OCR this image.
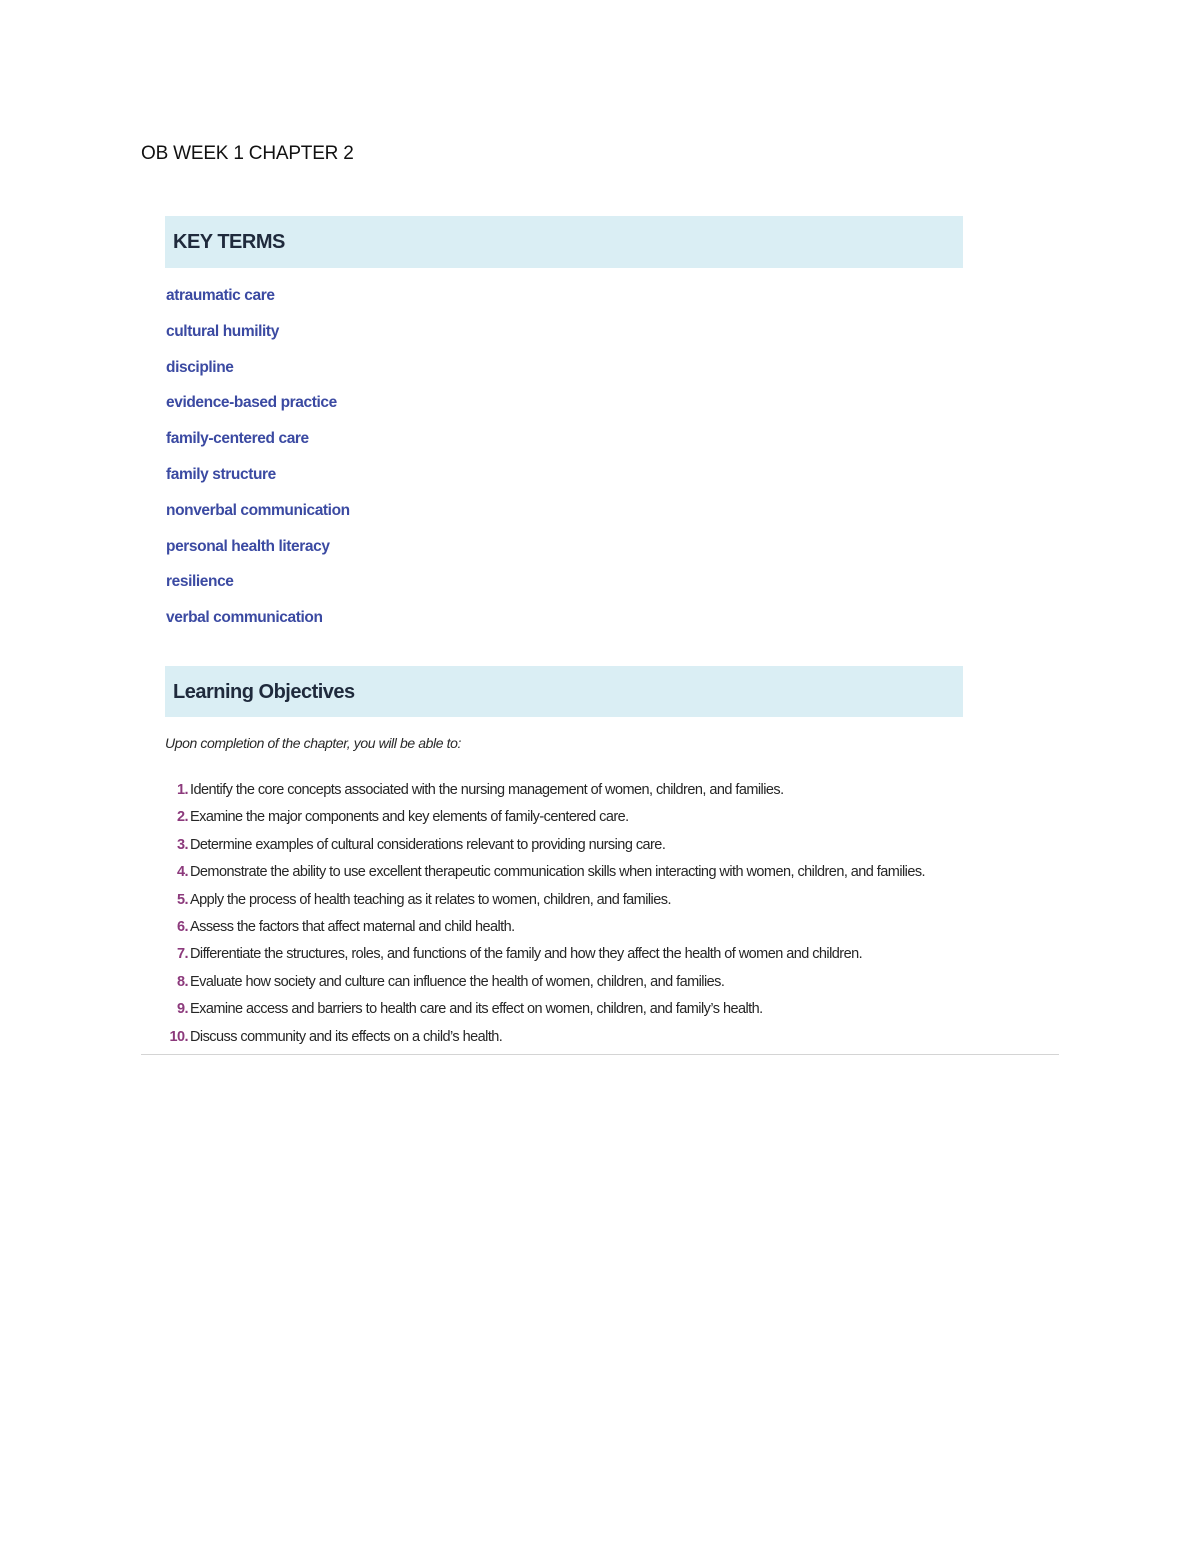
OB WEEK 1 CHAPTER 2
KEY TERMS
atraumatic care
cultural humility
discipline
evidence-based practice
family-centered care
family structure
nonverbal communication
personal health literacy
resilience
verbal communication
Learning Objectives
Upon completion of the chapter, you will be able to:
1. Identify the core concepts associated with the nursing management of women, children, and families.
2. Examine the major components and key elements of family-centered care.
3. Determine examples of cultural considerations relevant to providing nursing care.
4. Demonstrate the ability to use excellent therapeutic communication skills when interacting with women, children, and families.
5. Apply the process of health teaching as it relates to women, children, and families.
6. Assess the factors that affect maternal and child health.
7. Differentiate the structures, roles, and functions of the family and how they affect the health of women and children.
8. Evaluate how society and culture can influence the health of women, children, and families.
9. Examine access and barriers to health care and its effect on women, children, and family’s health.
10. Discuss community and its effects on a child’s health.
